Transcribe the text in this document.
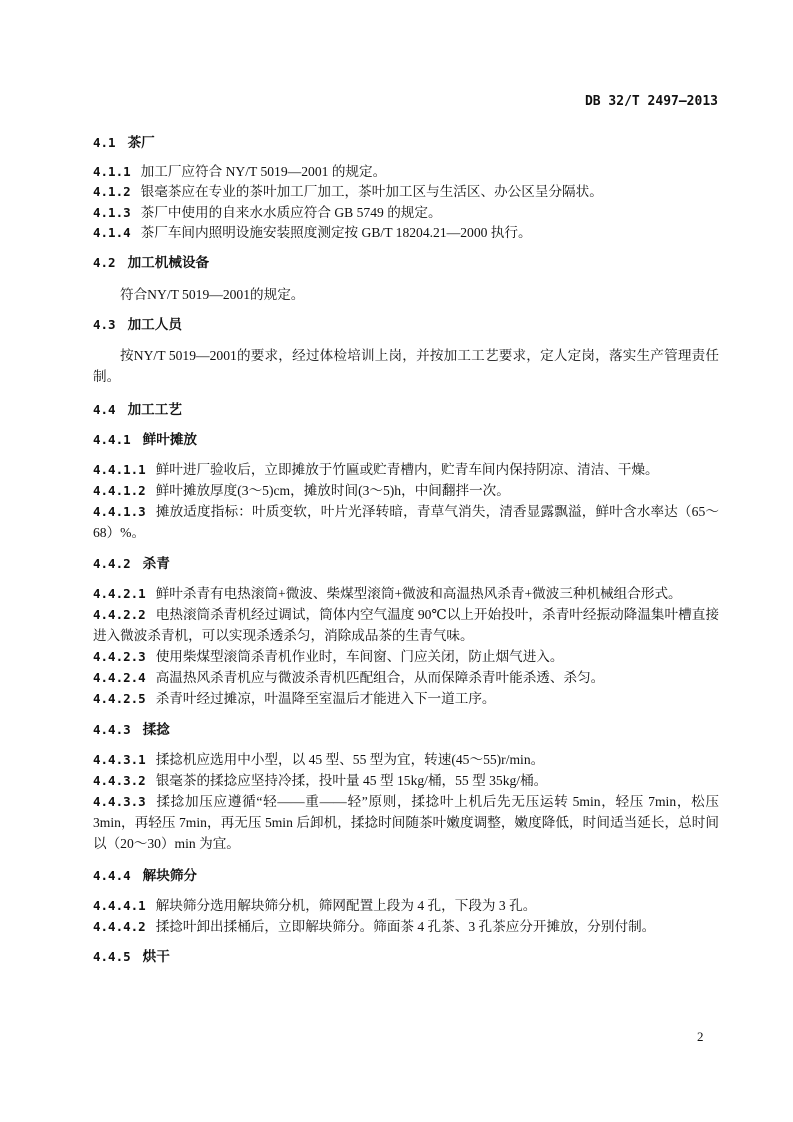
DB 32/T 2497—2013
4.1 茶厂
4.1.1 加工厂应符合 NY/T 5019—2001 的规定。
4.1.2 银毫茶应在专业的茶叶加工厂加工，茶叶加工区与生活区、办公区呈分隔状。
4.1.3 茶厂中使用的自来水水质应符合 GB 5749 的规定。
4.1.4 茶厂车间内照明设施安装照度测定按 GB/T 18204.21—2000 执行。
4.2 加工机械设备
符合NY/T 5019—2001的规定。
4.3 加工人员
按NY/T 5019—2001的要求，经过体检培训上岗，并按加工工艺要求，定人定岗，落实生产管理责任制。
4.4 加工工艺
4.4.1 鲜叶摊放
4.4.1.1 鲜叶进厂验收后，立即摊放于竹匾或贮青槽内，贮青车间内保持阴凉、清洁、干燥。
4.4.1.2 鲜叶摊放厚度(3～5)cm，摊放时间(3～5)h，中间翻拌一次。
4.4.1.3 摊放适度指标：叶质变软，叶片光泽转暗，青草气消失，清香显露飘溢，鲜叶含水率达（65～68）%。
4.4.2 杀青
4.4.2.1 鲜叶杀青有电热滚筒+微波、柴煤型滚筒+微波和高温热风杀青+微波三种机械组合形式。
4.4.2.2 电热滚筒杀青机经过调试，筒体内空气温度 90℃以上开始投叶，杀青叶经振动降温集叶槽直接进入微波杀青机，可以实现杀透杀匀，消除成品茶的生青气味。
4.4.2.3 使用柴煤型滚筒杀青机作业时，车间窗、门应关闭，防止烟气进入。
4.4.2.4 高温热风杀青机应与微波杀青机匹配组合，从而保障杀青叶能杀透、杀匀。
4.4.2.5 杀青叶经过摊凉，叶温降至室温后才能进入下一道工序。
4.4.3 揉捻
4.4.3.1 揉捻机应选用中小型，以 45 型、55 型为宜，转速(45～55)r/min。
4.4.3.2 银毫茶的揉捻应坚持冷揉，投叶量 45 型 15kg/桶，55 型 35kg/桶。
4.4.3.3 揉捻加压应遵循“轻——重——轻”原则，揉捻叶上机后先无压运转 5min，轻压 7min，松压 3min，再轻压 7min，再无压 5min 后卸机，揉捻时间随茶叶嫩度调整，嫩度降低，时间适当延长，总时间以（20～30）min 为宜。
4.4.4 解块筛分
4.4.4.1 解块筛分选用解块筛分机，筛网配置上段为 4 孔，下段为 3 孔。
4.4.4.2 揉捻叶卸出揉桶后，立即解块筛分。筛面茶 4 孔茶、3 孔茶应分开摊放，分别付制。
4.4.5 烘干
2
